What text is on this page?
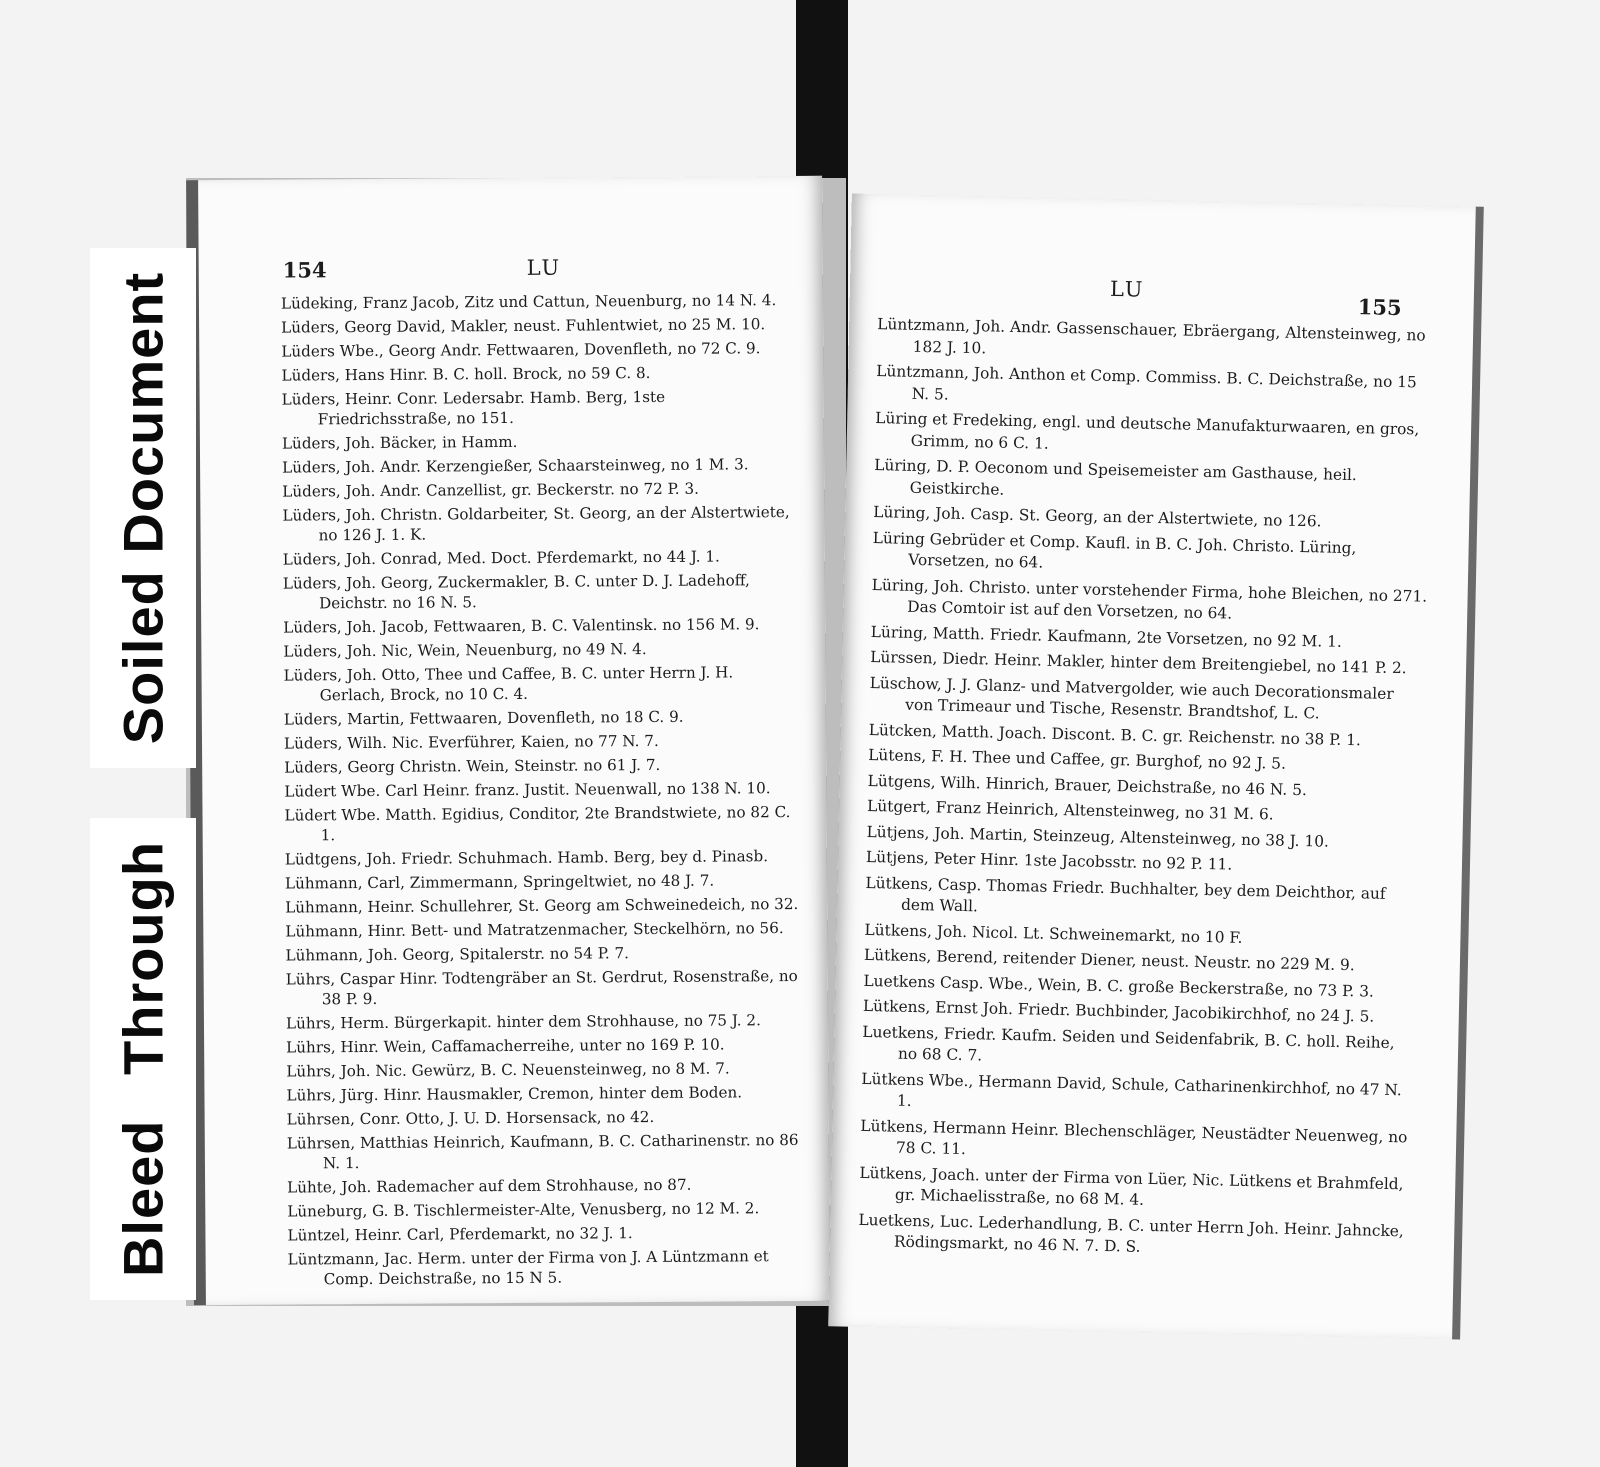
154	LU
Lüdeking, Franz Jacob, Zitz und Cattun, Neuenburg, no 14 N. 4.
Lüders, Georg David, Makler, neust. Fuhlentwiet, no 25 M. 10.
Lüders Wbe., Georg Andr. Fettwaaren, Dovenfleth, no 72 C. 9.
Lüders, Hans Hinr. B. C. holl. Brock, no 59 C. 8.
Lüders, Heinr. Conr. Ledersabr. Hamb. Berg, 1ste Friedrichsstraße, no 151.
Lüders, Joh. Bäcker, in Hamm.
Lüders, Joh. Andr. Kerzengießer, Schaarsteinweg, no 1 M. 3.
Lüders, Joh. Andr. Canzellist, gr. Beckerstr. no 72 P. 3.
Lüders, Joh. Christn. Goldarbeiter, St. Georg, an der Alstertwiete, no 126 J. 1. K.
Lüders, Joh. Conrad, Med. Doct. Pferdemarkt, no 44 J. 1.
Lüders, Joh. Georg, Zuckermakler, B. C. unter D. J. Ladehoff, Deichstr. no 16 N. 5.
Lüders, Joh. Jacob, Fettwaaren, B. C. Valentinsk. no 156 M. 9.
Lüders, Joh. Nic, Wein, Neuenburg, no 49 N. 4.
Lüders, Joh. Otto, Thee und Caffee, B. C. unter Herrn J. H. Gerlach, Brock, no 10 C. 4.
Lüders, Martin, Fettwaaren, Dovenfleth, no 18 C. 9.
Lüders, Wilh. Nic. Everführer, Kaien, no 77 N. 7.
Lüders, Georg Christn. Wein, Steinstr. no 61 J. 7.
Lüdert Wbe. Carl Heinr. franz. Justit. Neuenwall, no 138 N. 10.
Lüdert Wbe. Matth. Egidius, Conditor, 2te Brandstwiete, no 82 C. 1.
Lüdtgens, Joh. Friedr. Schuhmach. Hamb. Berg, bey d. Pinasb.
Lühmann, Carl, Zimmermann, Springeltwiet, no 48 J. 7.
Lühmann, Heinr. Schullehrer, St. Georg am Schweinedeich, no 32.
Lühmann, Hinr. Bett- und Matratzenmacher, Steckelhörn, no 56.
Lühmann, Joh. Georg, Spitalerstr. no 54 P. 7.
Lührs, Caspar Hinr. Todtengräber an St. Gerdrut, Rosenstraße, no 38 P. 9.
Lührs, Herm. Bürgerkapit. hinter dem Strohhause, no 75 J. 2.
Lührs, Hinr. Wein, Caffamacherreihe, unter no 169 P. 10.
Lührs, Joh. Nic. Gewürz, B. C. Neuensteinweg, no 8 M. 7.
Lührs, Jürg. Hinr. Hausmakler, Cremon, hinter dem Boden.
Lührsen, Conr. Otto, J. U. D. Horsensack, no 42.
Lührsen, Matthias Heinrich, Kaufmann, B. C. Catharinenstr. no 86 N. 1.
Lühte, Joh. Rademacher auf dem Strohhause, no 87.
Lüneburg, G. B. Tischlermeister-Alte, Venusberg, no 12 M. 2.
Lüntzel, Heinr. Carl, Pferdemarkt, no 32 J. 1.
Lüntzmann, Jac. Herm. unter der Firma von J. A Lüntzmann et Comp. Deichstraße, no 15 N 5.
LU
155
Lüntzmann, Joh. Andr. Gassenschauer, Ebräergang, Altensteinweg, no 182 J. 10.
Lüntzmann, Joh. Anthon et Comp. Commiss. B. C. Deichstraße, no 15 N. 5.
Lüring et Fredeking, engl. und deutsche Manufakturwaaren, en gros, Grimm, no 6 C. 1.
Lüring, D. P. Oeconom und Speisemeister am Gasthause, heil. Geistkirche.
Lüring, Joh. Casp. St. Georg, an der Alstertwiete, no 126.
Lüring Gebrüder et Comp. Kaufl. in B. C. Joh. Christo. Lüring, Vorsetzen, no 64.
Lüring, Joh. Christo. unter vorstehender Firma, hohe Bleichen, no 271. Das Comtoir ist auf den Vorsetzen, no 64.
Lüring, Matth. Friedr. Kaufmann, 2te Vorsetzen, no 92 M. 1.
Lürssen, Diedr. Heinr. Makler, hinter dem Breitengiebel, no 141 P. 2.
Lüschow, J. J. Glanz- und Matvergolder, wie auch Decorationsmaler von Trimeaur und Tische, Resenstr. Brandtshof, L. C.
Lütcken, Matth. Joach. Discont. B. C. gr. Reichenstr. no 38 P. 1.
Lütens, F. H. Thee und Caffee, gr. Burghof, no 92 J. 5.
Lütgens, Wilh. Hinrich, Brauer, Deichstraße, no 46 N. 5.
Lütgert, Franz Heinrich, Altensteinweg, no 31 M. 6.
Lütjens, Joh. Martin, Steinzeug, Altensteinweg, no 38 J. 10.
Lütjens, Peter Hinr. 1ste Jacobsstr. no 92 P. 11.
Lütkens, Casp. Thomas Friedr. Buchhalter, bey dem Deichthor, auf dem Wall.
Lütkens, Joh. Nicol. Lt. Schweinemarkt, no 10 F.
Lütkens, Berend, reitender Diener, neust. Neustr. no 229 M. 9.
Luetkens Casp. Wbe., Wein, B. C. große Beckerstraße, no 73 P. 3.
Lütkens, Ernst Joh. Friedr. Buchbinder, Jacobikirchhof, no 24 J. 5.
Luetkens, Friedr. Kaufm. Seiden und Seidenfabrik, B. C. holl. Reihe, no 68 C. 7.
Lütkens Wbe., Hermann David, Schule, Catharinenkirchhof, no 47 N. 1.
Lütkens, Hermann Heinr. Blechenschläger, Neustädter Neuenweg, no 78 C. 11.
Lütkens, Joach. unter der Firma von Lüer, Nic. Lütkens et Brahmfeld, gr. Michaelisstraße, no 68 M. 4.
Luetkens, Luc. Lederhandlung, B. C. unter Herrn Joh. Heinr. Jahncke, Rödingsmarkt, no 46 N. 7. D. S.
Soiled Document
Bleed Through
